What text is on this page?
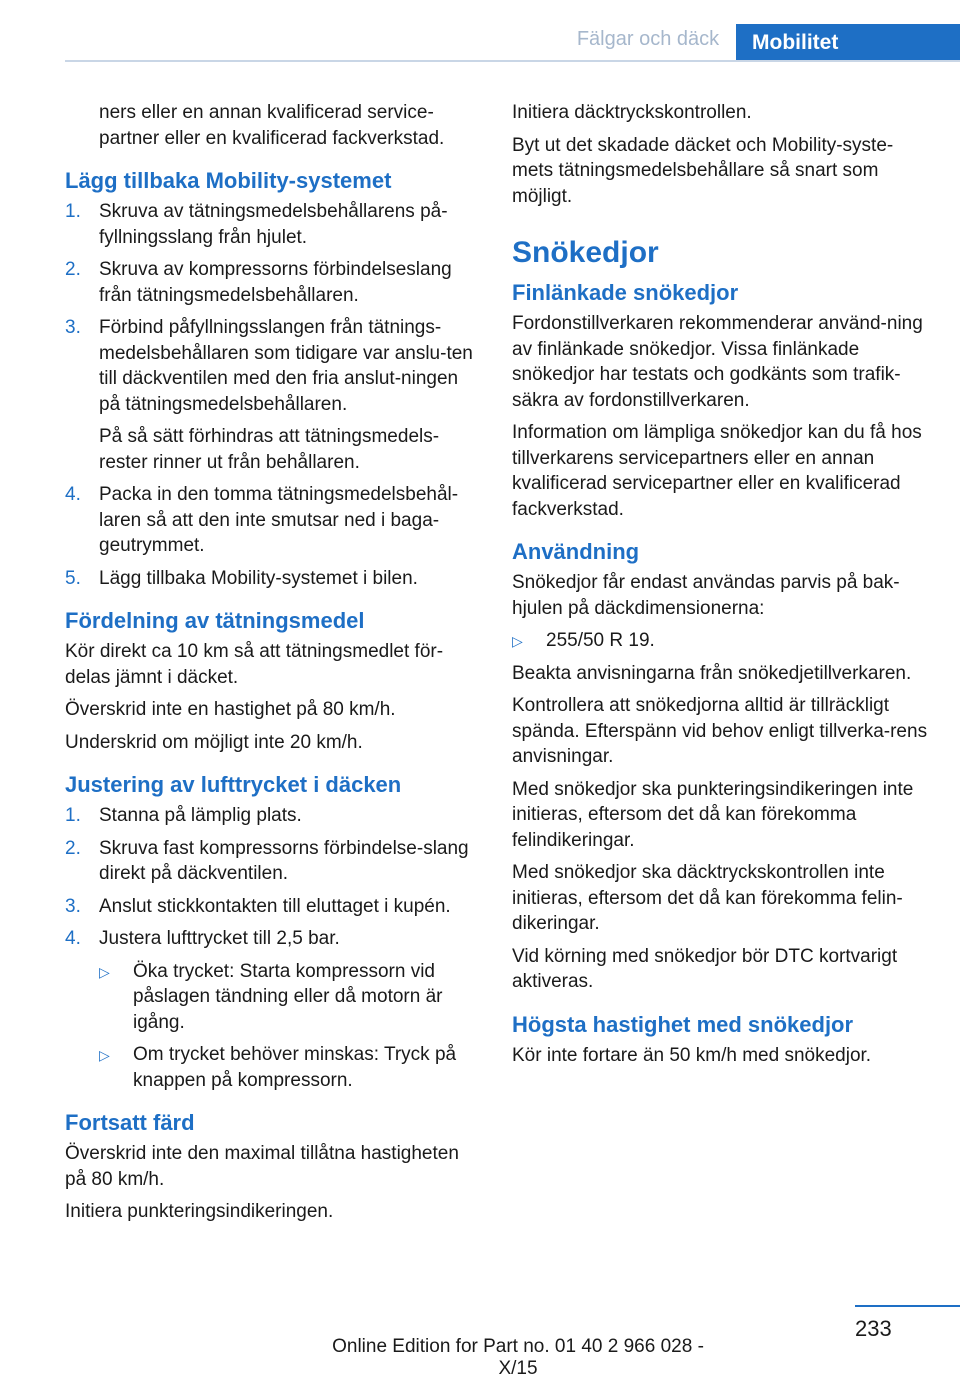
Fälgar och däck	Mobilitet

ners eller en annan kvalificerad service-partner eller en kvalificerad fackverkstad.

Lägg tillbaka Mobility-systemet
1. Skruva av tätningsmedelsbehållarens på-fyllningsslang från hjulet.
2. Skruva av kompressorns förbindelseslang från tätningsmedelsbehållaren.
3. Förbind påfyllningsslangen från tätnings-medelsbehållaren som tidigare var anslu-ten till däckventilen med den fria anslut-ningen på tätningsmedelsbehållaren.

På så sätt förhindras att tätningsmedels-rester rinner ut från behållaren.

4. Packa in den tomma tätningsmedelsbehål-laren så att den inte smutsar ned i baga-geutrymmet.
5. Lägg tillbaka Mobility-systemet i bilen.
Fördelning av tätningsmedel

Kör direkt ca 10 km så att tätningsmedlet för-delas jämnt i däcket.

Överskrid inte en hastighet på 80 km/h.

Underskrid om möjligt inte 20 km/h.

Justering av lufttrycket i däcken
1. Stanna på lämplig plats.
2. Skruva fast kompressorns förbindelse-slang direkt på däckventilen.
3. Anslut stickkontakten till eluttaget i kupén.
4. Justera lufttrycket till 2,5 bar.
▷ Öka trycket: Starta kompressorn vid påslagen tändning eller då motorn är igång.
▷ Om trycket behöver minskas: Tryck på knappen på kompressorn.
Fortsatt färd

Överskrid inte den maximal tillåtna hastigheten på 80 km/h.

Initiera punkteringsindikeringen.

Initiera däcktryckskontrollen.

Byt ut det skadade däcket och Mobility-syste-mets tätningsmedelsbehållare så snart som möjligt.

Snökedjor
Finlänkade snökedjor

Fordonstillverkaren rekommenderar använd-ning av finlänkade snökedjor. Vissa finlänkade snökedjor har testats och godkänts som trafik-säkra av fordonstillverkaren.

Information om lämpliga snökedjor kan du få hos tillverkarens servicepartners eller en annan kvalificerad servicepartner eller en kvalificerad fackverkstad.

Användning

Snökedjor får endast användas parvis på bak-hjulen på däckdimensionerna:

▷ 255/50 R 19.

Beakta anvisningarna från snökedjetillverkaren.

Kontrollera att snökedjorna alltid är tillräckligt spända. Efterspänn vid behov enligt tillverka-rens anvisningar.

Med snökedjor ska punkteringsindikeringen inte initieras, eftersom det då kan förekomma felindikeringar.

Med snökedjor ska däcktryckskontrollen inte initieras, eftersom det då kan förekomma felin-dikeringar.

Vid körning med snökedjor bör DTC kortvarigt aktiveras.

Högsta hastighet med snökedjor

Kör inte fortare än 50 km/h med snökedjor.

233
Online Edition for Part no. 01 40 2 966 028 - X/15
